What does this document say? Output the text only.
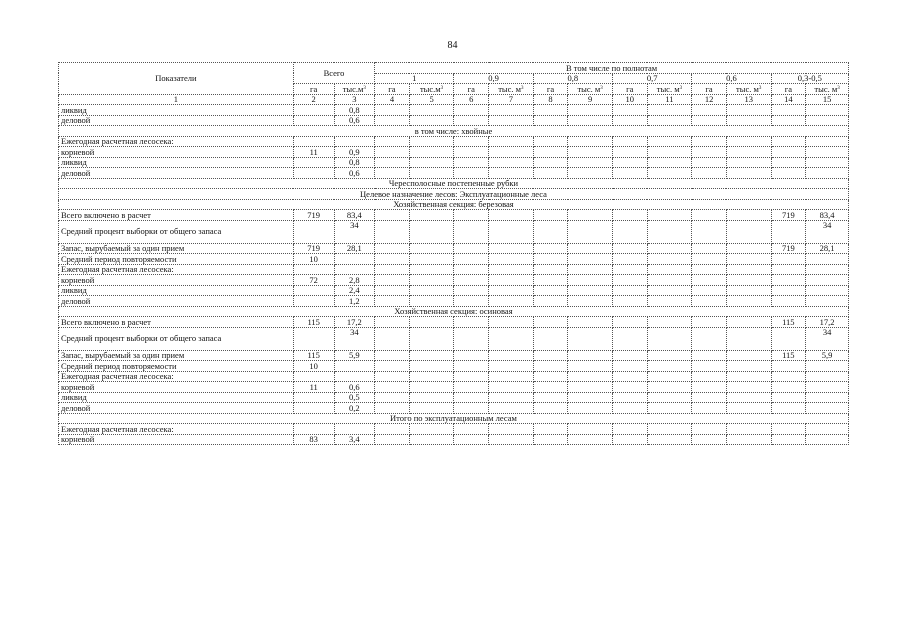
84
Показатели	Всего		В том числе по полнотам											
			1		0,9		0,8		0,7		0,6		0,3-0,5	
	га	$тыс.м^3$	га	$тыс.м^3$	га	тыс. $м^3$	га	тыс. $м^3$	га	тыс. $м^3$	га	тыс. $м^3$	га	тыс. $м^3$
1	2	3	4	5	6	7	8	9	10	11	12	13	14	15
ликвид		0,8												
деловой		0,6												
в том числе: хвойные														
Ежегодная расчетная лесосека:														
корневой	11	0,9												
ликвид		0,8												
деловой		0,6												
Чересполосные постепенные рубки														
Целевое назначение лесов: Эксплуатационные леса														
Хозяйственная секция: березовая														
Всего включено в расчет	719	83,4											719	83,4
Средний процент выборки от общего запаса		34												34
Запас, вырубаемый за один прием	719	28,1											719	28,1
Средний период повторяемости	10													
Ежегодная расчетная лесосека:														
корневой	72	2,8												
ликвид		2,4												
деловой		1,2												
Хозяйственная секция: осиновая														
Всего включено в расчет	115	17,2											115	17,2
Средний процент выборки от общего запаса		34												34
Запас, вырубаемый за один прием	115	5,9											115	5,9
Средний период повторяемости	10													
Ежегодная расчетная лесосека:														
корневой	11	0,6												
ликвид		0,5												
деловой		0,2												
Итого по эксплуатационным лесам														
Ежегодная расчетная лесосека:														
корневой	83	3,4												
